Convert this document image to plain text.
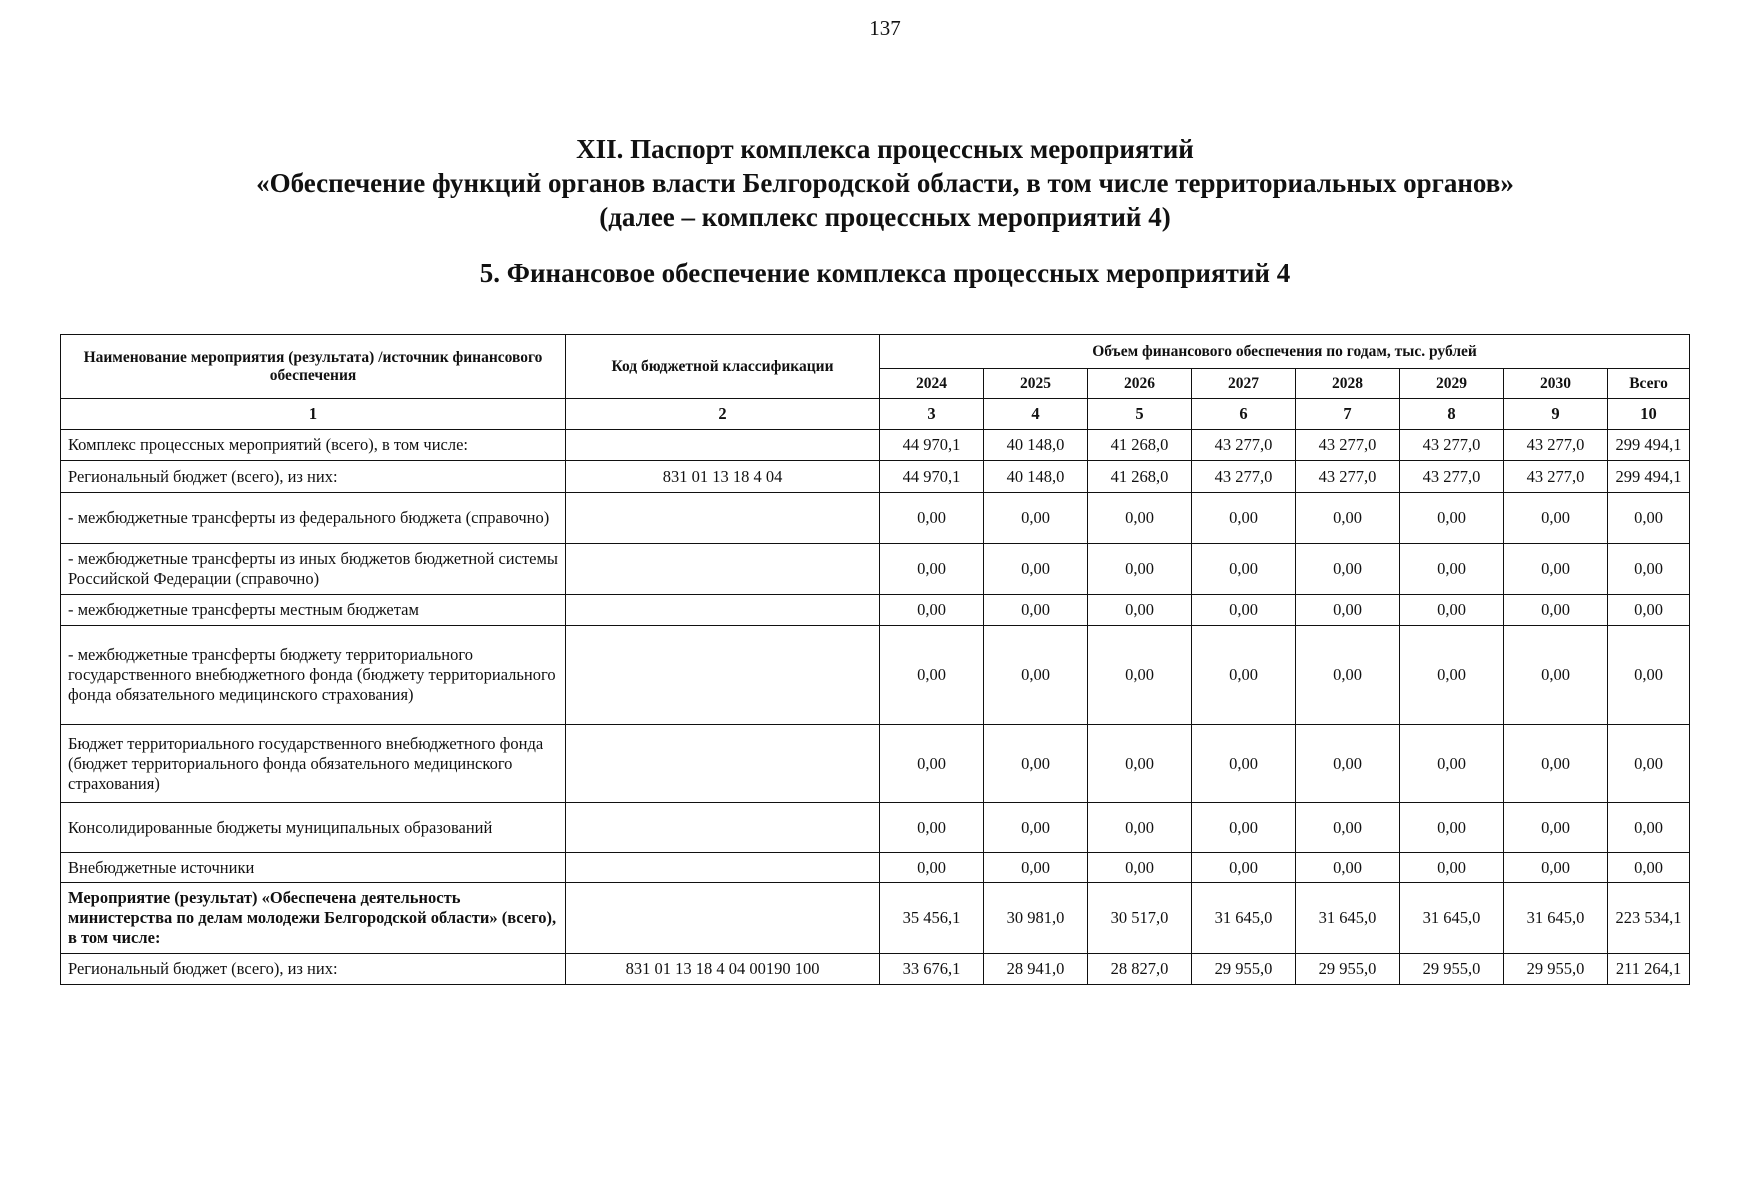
137
XII. Паспорт комплекса процессных мероприятий
«Обеспечение функций органов власти Белгородской области, в том числе территориальных органов»
(далее – комплекс процессных мероприятий 4)
5. Финансовое обеспечение комплекса процессных мероприятий 4
Наименование мероприятия (результата) /источник финансового обеспечения	Код бюджетной классификации	Объем финансового обеспечения по годам, тыс. рублей							
		2024	2025	2026	2027	2028	2029	2030	Всего
1	2	3	4	5	6	7	8	9	10
Комплекс процессных мероприятий (всего), в том числе:		44 970,1	40 148,0	41 268,0	43 277,0	43 277,0	43 277,0	43 277,0	299 494,1
Региональный бюджет (всего), из них:	831 01 13 18 4 04	44 970,1	40 148,0	41 268,0	43 277,0	43 277,0	43 277,0	43 277,0	299 494,1
- межбюджетные трансферты из федерального бюджета (справочно)		0,00	0,00	0,00	0,00	0,00	0,00	0,00	0,00
- межбюджетные трансферты из иных бюджетов бюджетной системы Российской Федерации (справочно)		0,00	0,00	0,00	0,00	0,00	0,00	0,00	0,00
- межбюджетные трансферты местным бюджетам		0,00	0,00	0,00	0,00	0,00	0,00	0,00	0,00
- межбюджетные трансферты бюджету территориального государственного внебюджетного фонда (бюджету территориального фонда обязательного медицинского страхования)		0,00	0,00	0,00	0,00	0,00	0,00	0,00	0,00
Бюджет территориального государственного внебюджетного фонда (бюджет территориального фонда обязательного медицинского страхования)		0,00	0,00	0,00	0,00	0,00	0,00	0,00	0,00
Консолидированные бюджеты муниципальных образований		0,00	0,00	0,00	0,00	0,00	0,00	0,00	0,00
Внебюджетные источники		0,00	0,00	0,00	0,00	0,00	0,00	0,00	0,00
Мероприятие (результат) «Обеспечена деятельность министерства по делам молодежи Белгородской области» (всего), в том числе:		35 456,1	30 981,0	30 517,0	31 645,0	31 645,0	31 645,0	31 645,0	223 534,1
Региональный бюджет (всего), из них:	831 01 13 18 4 04 00190 100	33 676,1	28 941,0	28 827,0	29 955,0	29 955,0	29 955,0	29 955,0	211 264,1
